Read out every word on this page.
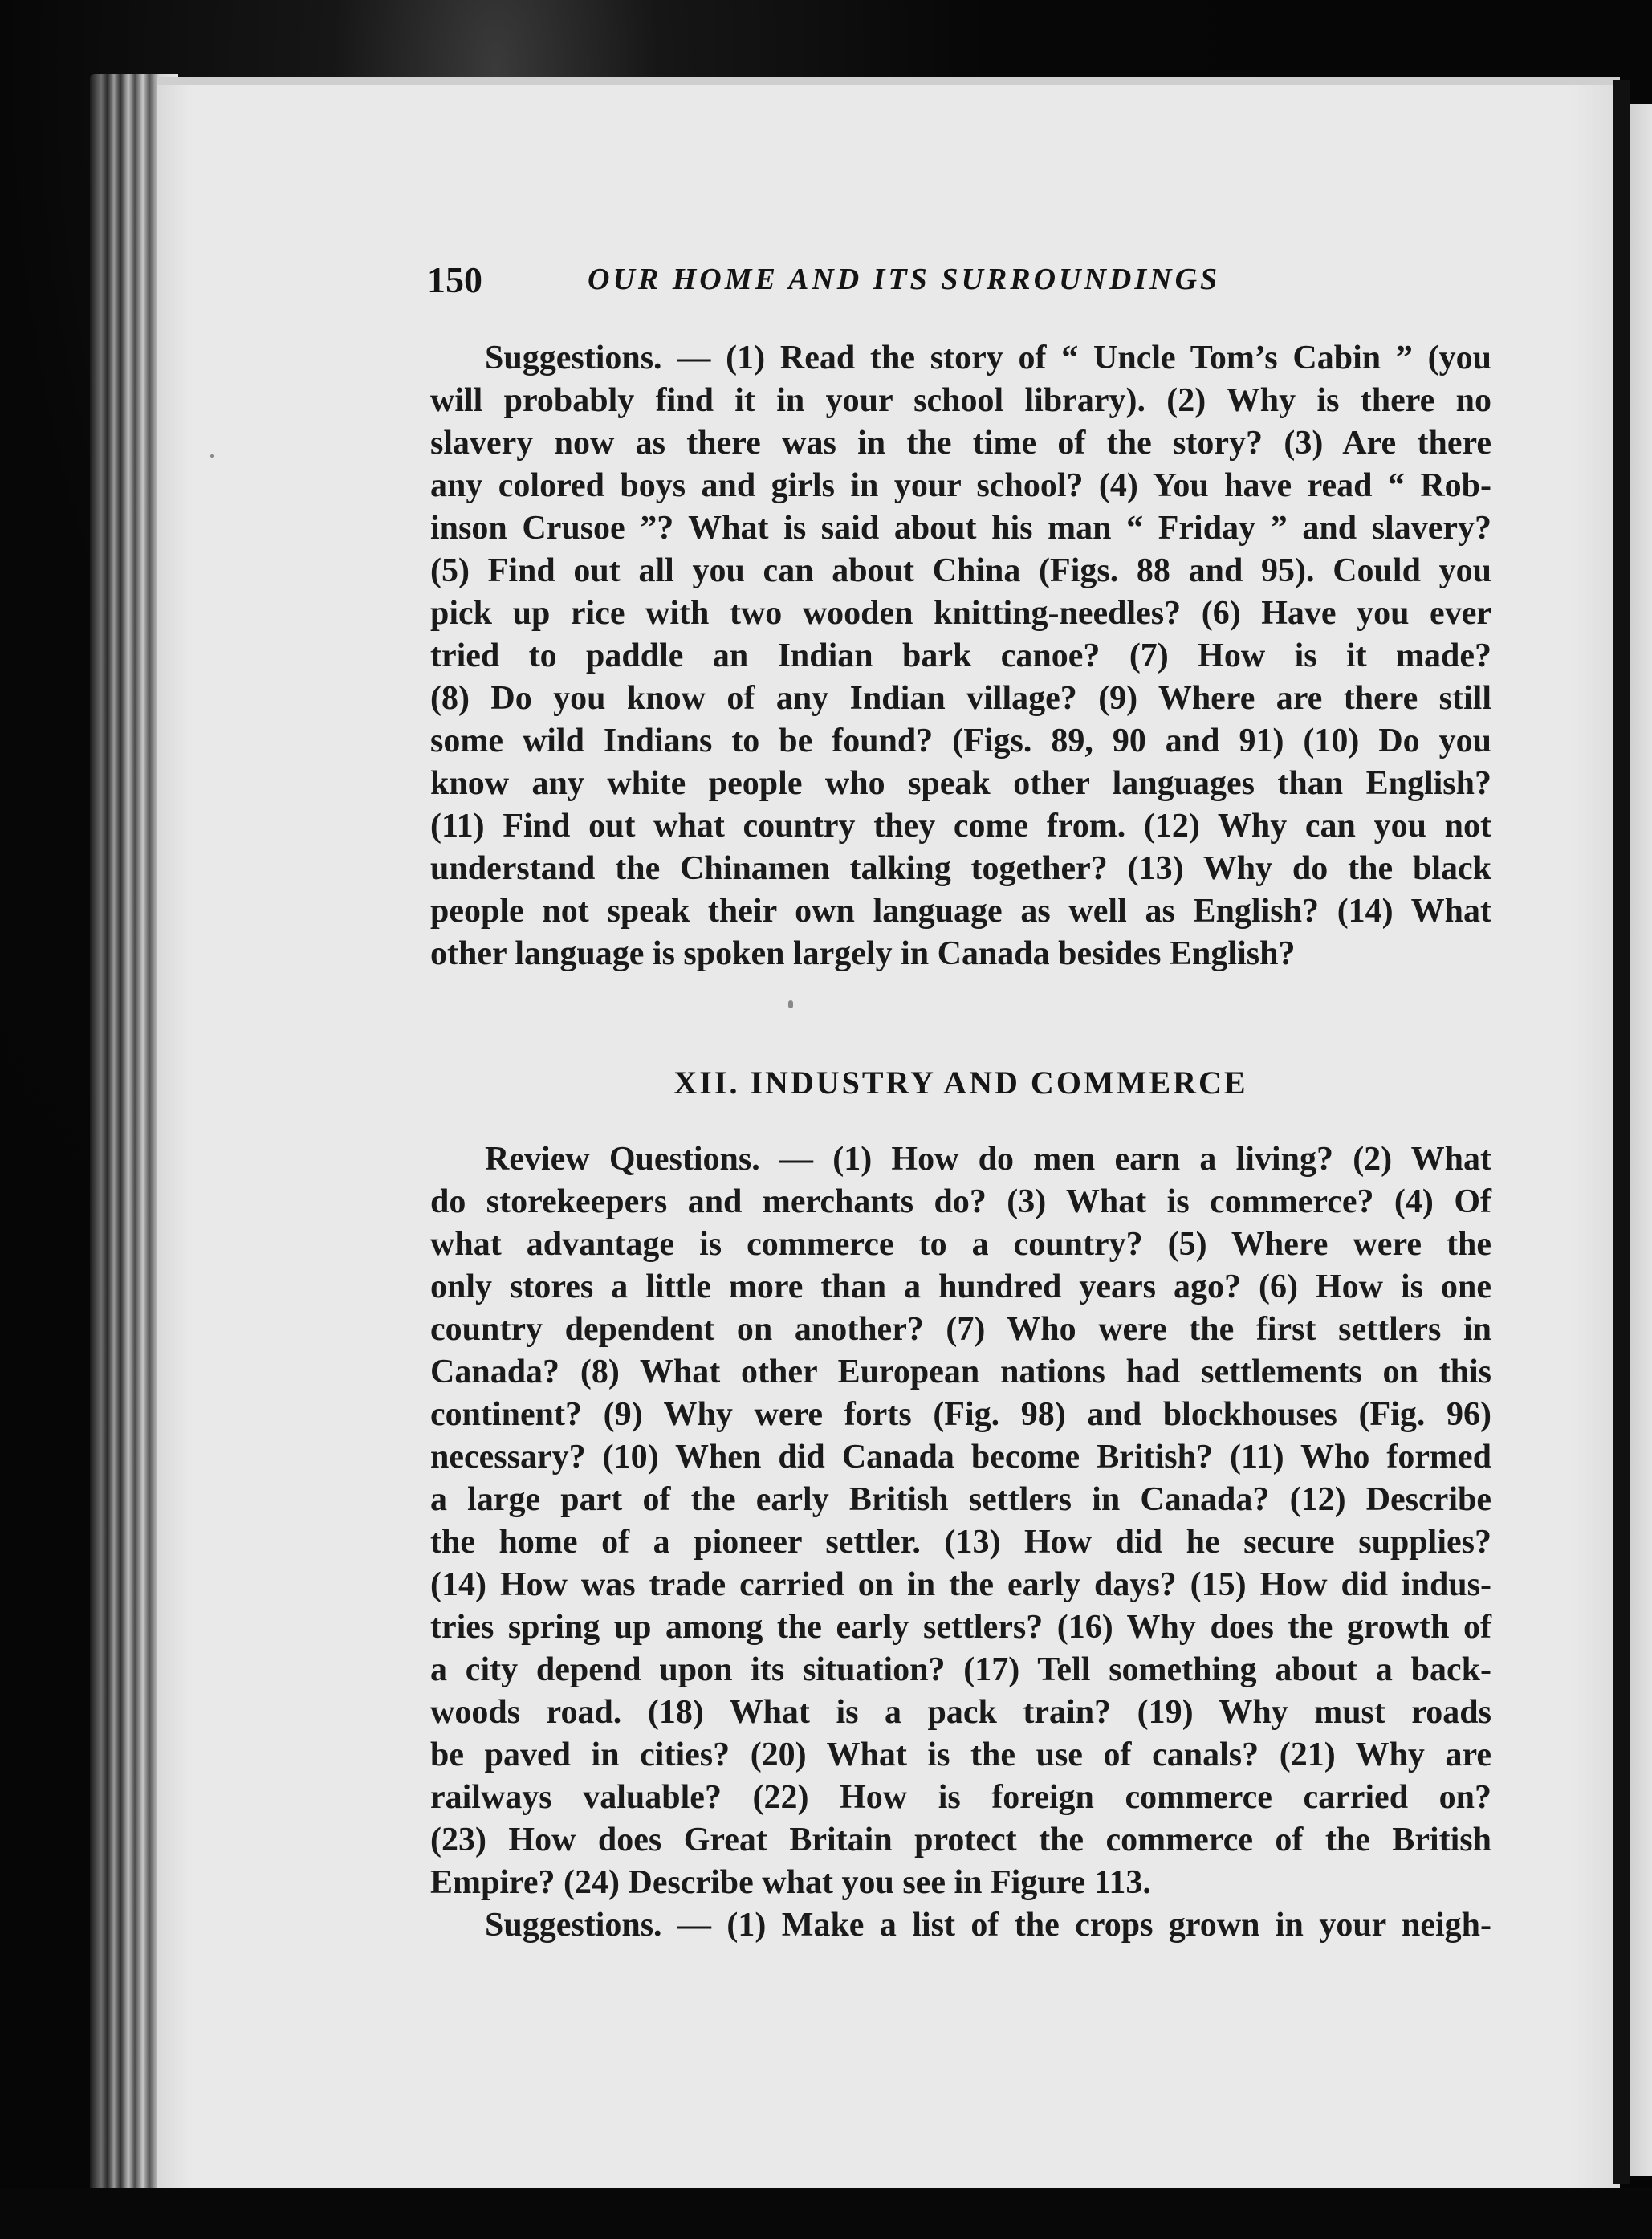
150	OUR HOME AND ITS SURROUNDINGS
Suggestions. — (1) Read the story of “ Uncle Tom’s Cabin ” (you
will probably find it in your school library). (2) Why is there no
slavery now as there was in the time of the story? (3) Are there
any colored boys and girls in your school? (4) You have read “ Rob-
inson Crusoe ”? What is said about his man “ Friday ” and slavery?
(5) Find out all you can about China (Figs. 88 and 95). Could you
pick up rice with two wooden knitting-needles? (6) Have you ever
tried to paddle an Indian bark canoe? (7) How is it made?
(8) Do you know of any Indian village? (9) Where are there still
some wild Indians to be found? (Figs. 89, 90 and 91) (10) Do you
know any white people who speak other languages than English?
(11) Find out what country they come from. (12) Why can you not
understand the Chinamen talking together? (13) Why do the black
people not speak their own language as well as English? (14) What
other language is spoken largely in Canada besides English?
XII. INDUSTRY AND COMMERCE
Review Questions. — (1) How do men earn a living? (2) What
do storekeepers and merchants do? (3) What is commerce? (4) Of
what advantage is commerce to a country? (5) Where were the
only stores a little more than a hundred years ago? (6) How is one
country dependent on another? (7) Who were the first settlers in
Canada? (8) What other European nations had settlements on this
continent? (9) Why were forts (Fig. 98) and blockhouses (Fig. 96)
necessary? (10) When did Canada become British? (11) Who formed
a large part of the early British settlers in Canada? (12) Describe
the home of a pioneer settler. (13) How did he secure supplies?
(14) How was trade carried on in the early days? (15) How did indus-
tries spring up among the early settlers? (16) Why does the growth of
a city depend upon its situation? (17) Tell something about a back-
woods road. (18) What is a pack train? (19) Why must roads
be paved in cities? (20) What is the use of canals? (21) Why are
railways valuable? (22) How is foreign commerce carried on?
(23) How does Great Britain protect the commerce of the British
Empire? (24) Describe what you see in Figure 113.
Suggestions. — (1) Make a list of the crops grown in your neigh-
